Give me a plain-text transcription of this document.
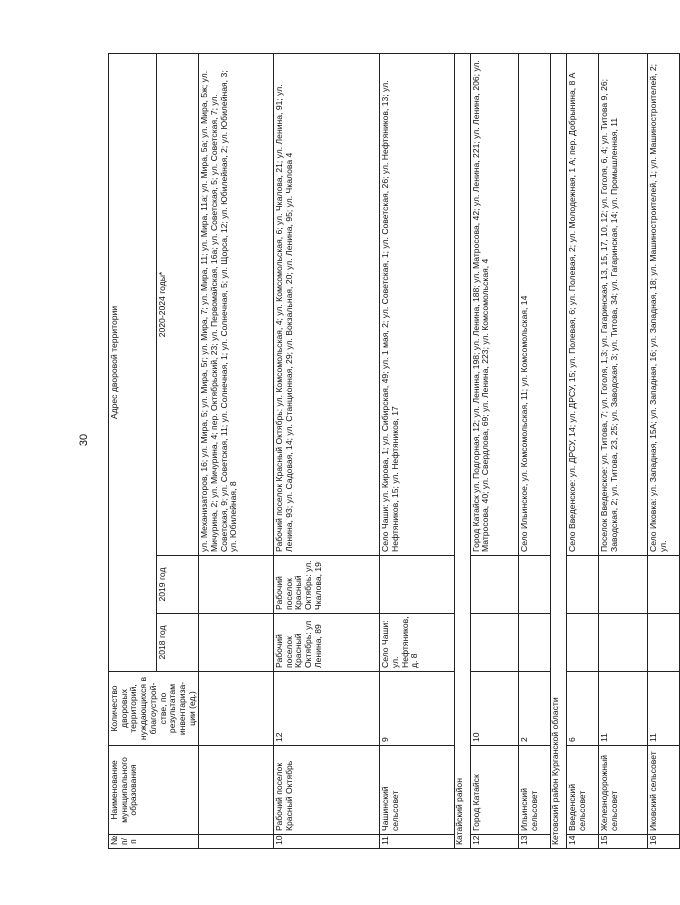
30
№ п/п	Наименование муниципального образования	Количество дворовых территорий, нуждающихся в благоустрой-стве, по результатам инвентариза-ции (ед.)	Адрес дворовой территории		
			2018 год	2019 год	2020-2024 годы*
					ул. Механизаторов, 16; ул. Мира, 5; ул. Мира, 5г; ул. Мира, 7; ул. Мира, 11; ул. Мира, 11а; ул. Мира, 5а; ул. Мира, 5ж; ул. Мичурина, 2; ул. Мичурина, 4; пер. Октябрьский, 23; ул. Первомайская, 16а; ул. Советская, 5; ул. Советская, 7; ул. Советская, 9; ул. Советская, 11; ул. Солнечная, 1; ул. Солнечная, 5; ул. Щорса, 12; ул. Юбилейная, 2; ул. Юбилейная, 3; ул. Юбилейная, 8
10.	Рабочий поселок Красный Октябрь	12	Рабочий поселок Красный Октябрь: ул Ленина, 89	Рабочий поселок Красный Октябрь: ул. Чкалова, 19	Рабочий поселок Красный Октябрь: ул. Комсомольская, 4; ул. Комсомольская, 6; ул. Чкалова, 21; ул. Ленина, 91; ул. Ленина, 93; ул. Садовая, 14; ул. Станционная, 29; ул. Вокзальная, 20; ул. Ленина, 95; ул. Чкалова 4
11	Чашинский сельсовет	9	Село Чаши: ул. Нефтяников, д. 8		Село Чаши: ул. Кирова, 1; ул. Сибирская, 49; ул. 1 мая, 2; ул. Советская, 1; ул. Советская, 26; ул. Нефтяников, 13; ул. Нефтяников, 15; ул. Нефтяников, 17
Катайский район					
12	Город Катайск	10			Город Катайск ул. Подгорная, 12; ул. Ленина, 198; ул. Ленина, 188; ул. Матросова, 42; ул. Ленина, 221; ул. Ленина, 206; ул. Матросова, 40; ул. Свердлова, 69; ул. Ленина, 223; ул. Комсомольская, 4
13	Ильинский сельсовет	2			Село Ильинское, ул. Комсомольская, 11; ул. Комсомольская, 14
Кетовский район Курганской области					
14	Введенский сельсовет	6			Село Введенское: ул. ДРСУ, 14; ул. ДРСУ, 15; ул. Полевая, 6; ул. Полевая, 2; ул. Молодежная, 1 А; пер. Добрынина, 8 А
15	Железнодорожный сельсовет	11			Поселок Введенское: ул. Титова, 7; ул. Гоголя, 1,3; ул. Гагаринская, 13, 15, 17, 10, 12; ул. Гоголя, 6, 4; ул. Титова 9, 26; Заводская, 2; ул. Титова, 23, 25; ул. Заводская, 3; ул. Титова, 34; ул. Гагаринская, 14; ул. Промышленная, 11
16	Иковский сельсовет	11			Село Иковка: ул. Западная, 15А; ул. Западная, 16; ул. Западная, 18; ул. Машиностроителей, 1; ул. Машиностроителей, 2; ул.
